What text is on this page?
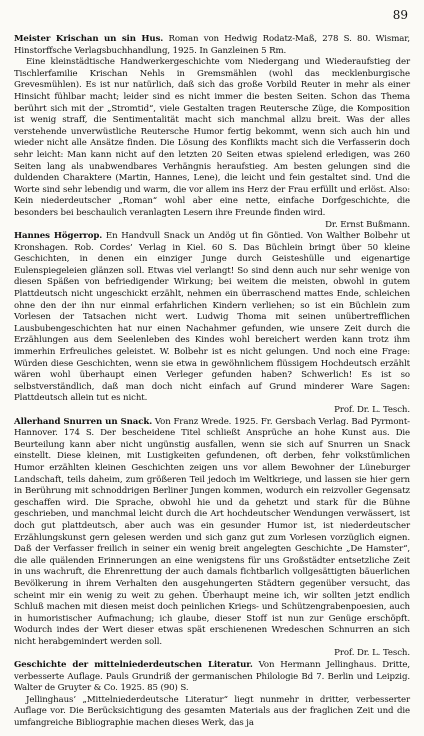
89
Meister Krischan un sin Hus. Roman von Hedwig Rodatz-Maß, 278 S. 80. Wismar, Hinstorffsche Verlagsbuchhandlung, 1925. In Ganzleinen 5 Rm.
Eine kleinstädtische Handwerkergeschichte vom Niedergang und Wiederaufstieg der Tischlerfamilie Krischan Nehls in Gremsmählen (wohl das mecklenburgische Grevesmühlen). Es ist nur natürlich, daß sich das große Vorbild Reuter in mehr als einer Hinsicht fühlbar macht; leider sind es nicht immer die besten Seiten. Schon das Thema berührt sich mit der „Stromtid“, viele Gestalten tragen Reutersche Züge, die Komposition ist wenig straff, die Sentimentalität macht sich manchmal allzu breit. Was der alles verstehende unverwüstliche Reutersche Humor fertig bekommt, wenn sich auch hin und wieder nicht alle Ansätze finden. Die Lösung des Konflikts macht sich die Verfasserin doch sehr leicht: Man kann nicht auf den letzten 20 Seiten etwas spielend erledigen, was 260 Seiten lang als unabwendbares Verhängnis heraufstieg. Am besten gelungen sind die duldenden Charaktere (Martin, Hannes, Lene), die leicht und fein gestaltet sind. Und die Worte sind sehr lebendig und warm, die vor allem ins Herz der Frau erfüllt und erlöst. Also: Kein niederdeutscher „Roman“ wohl aber eine nette, einfache Dorfgeschichte, die besonders bei beschaulich veranlagten Lesern ihre Freunde finden wird.
Dr. Ernst Bußmann.
Hannes Högerrop. En Handvull Snack un Andög ut fin Göntied. Von Walther Bolbehr ut Kronshagen. Rob. Cordes’ Verlag in Kiel. 60 S. Das Büchlein bringt über 50 kleine Geschichten, in denen ein einziger Junge durch Geisteshülle und eigenartige Eulenspiegeleien glänzen soll. Etwas viel verlangt! So sind denn auch nur sehr wenige von diesen Späßen von befriedigender Wirkung; bei weitem die meisten, obwohl in gutem Plattdeutsch nicht ungeschickt erzählt, nehmen ein überraschend mattes Ende, schleichen ohne den der ihn nur einmal erfahrlichen Kindern verliehen; so ist ein Büchlein zum Vorlesen der Tatsachen nicht wert. Ludwig Thoma mit seinen unübertrefflichen Lausbubengeschichten hat nur einen Nachahmer gefunden, wie unsere Zeit durch die Erzählungen aus dem Seelenleben des Kindes wohl bereichert werden kann trotz ihm immerhin Erfreuliches geleistet. W. Bolbehr ist es nicht gelungen. Und noch eine Frage: Würden diese Geschichten, wenn sie etwa in gewöhnlichem flüssigem Hochdeutsch erzählt wären wohl überhaupt einen Verleger gefunden haben? Schwerlich! Es ist so selbstverständlich, daß man doch nicht einfach auf Grund minderer Ware Sagen: Plattdeutsch allein tut es nicht.
Prof. Dr. L. Tesch.
Allerhand Snurren un Snack. Von Franz Wrede. 1925. Fr. Gersbach Verlag. Bad Pyrmont-Hannover. 174 S. Der bescheidene Titel schließt Ansprüche an hohe Kunst aus. Die Beurteilung kann aber nicht ungünstig ausfallen, wenn sie sich auf Snurren un Snack einstellt. Diese kleinen, mit Lustigkeiten gefundenen, oft derben, fehr volkstümlichen Humor erzählten kleinen Geschichten zeigen uns vor allem Bewohner der Lüneburger Landschaft, teils daheim, zum größeren Teil jedoch im Weltkriege, und lassen sie hier gern in Berührung mit schnoddrigen Berliner Jungen kommen, wodurch ein reizvoller Gegensatz geschaffen wird. Die Sprache, obwohl hie und da gehetzt und stark für die Bühne geschrieben, und manchmal leicht durch die Art hochdeutscher Wendungen verwässert, ist doch gut plattdeutsch, aber auch was ein gesunder Humor ist, ist niederdeutscher Erzählungskunst gern gelesen werden und sich ganz gut zum Vorlesen vorzüglich eignen. Daß der Verfasser freilich in seiner ein wenig breit angelegten Geschichte „De Hamster“, die alle quälenden Erinnerungen an eine wenigstens für uns Großstädter entsetzliche Zeit in uns wachruft, die Ehrenrettung der auch damals fichtbarlich vollgesättigten bäuerlichen Bevölkerung in ihrem Verhalten den ausgehungerten Städtern gegenüber versucht, das scheint mir ein wenig zu weit zu gehen. Überhaupt meine ich, wir sollten jetzt endlich Schluß machen mit diesen meist doch peinlichen Kriegs- und Schützengrabenpoesien, auch in humoristischer Aufmachung; ich glaube, dieser Stoff ist nun zur Genüge erschöpft. Wodurch indes der Wert dieser etwas spät erschienenen Wredeschen Schnurren an sich nicht herabgemindert werden soll.
Prof. Dr. L. Tesch.
Geschichte der mittelniederdeutschen Literatur. Von Hermann Jellinghaus. Dritte, verbesserte Auflage. Pauls Grundriß der germanischen Philologie Bd 7. Berlin und Leipzig. Walter de Gruyter & Co. 1925. 85 (90) S.
Jellinghaus’ „Mittelniederdeutsche Literatur“ liegt nunmehr in dritter, verbesserter Auflage vor. Die Berücksichtigung des gesamten Materials aus der fraglichen Zeit und die umfangreiche Bibliographie machen dieses Werk, das ja
